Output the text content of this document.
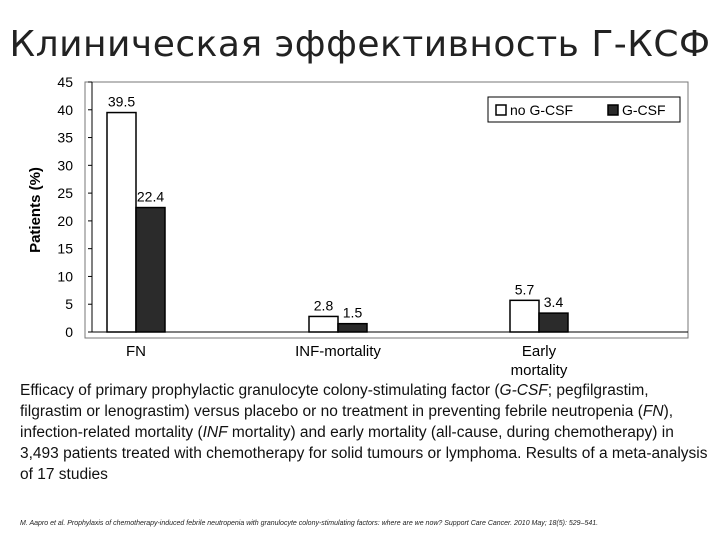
Клиническая эффективность Г-КСФ
Patients (%)
0
5
10
15
20
25
30
35
40
45
39.5
22.4
2.8 1.5
5.7
3.4
FN	INF-mortality	Early
mortality
no G-CSF	G-CSF
Efficacy of primary prophylactic granulocyte colony-stimulating factor (G-CSF; pegfilgrastim, filgrastim or lenograstim) versus placebo or no treatment in preventing febrile neutropenia (FN), infection-related mortality (INF mortality) and early mortality (all-cause, during chemotherapy) in 3,493 patients treated with chemotherapy for solid tumours or lymphoma. Results of a meta-analysis of 17 studies
M. Aapro et al. Prophylaxis of chemotherapy-induced febrile neutropenia with granulocyte colony-stimulating factors: where are we now? Support Care Cancer. 2010 May; 18(5): 529–541.
